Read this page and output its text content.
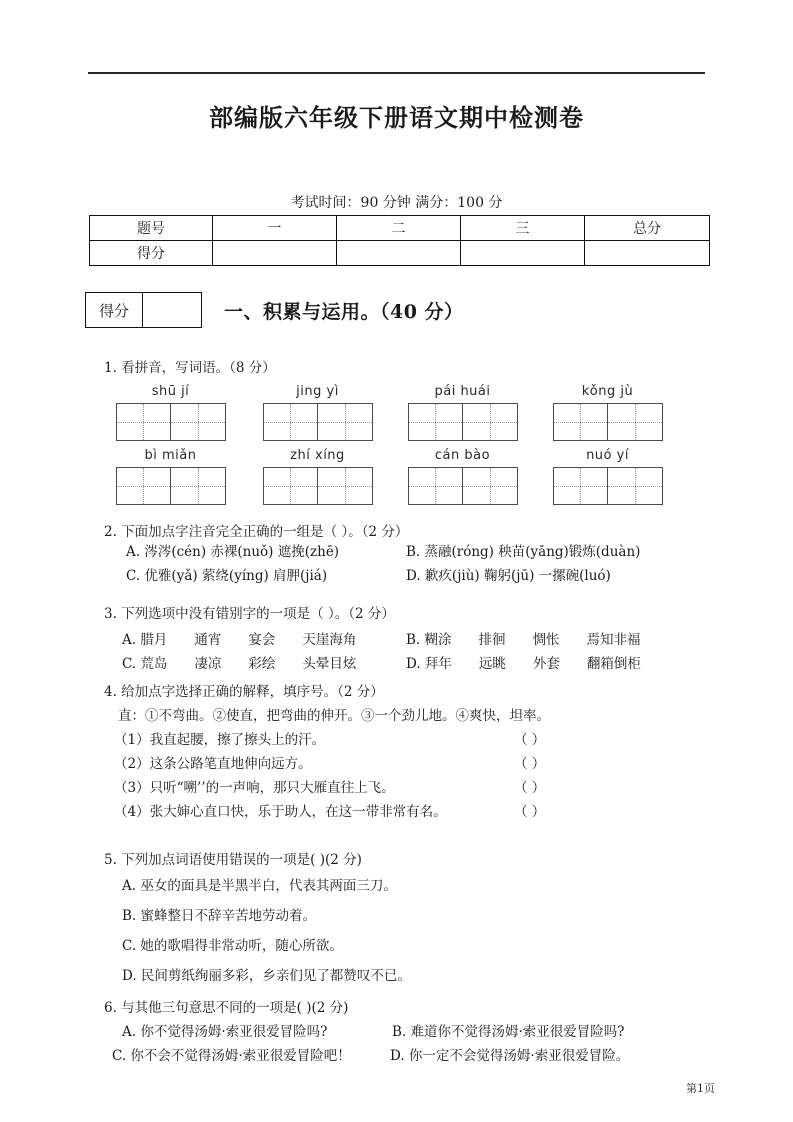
部编版六年级下册语文期中检测卷
考试时间：90 分钟 满分：100 分
题号	一	二	三	总分
得分				
得分	一、积累与运用。（40 分）
1. 看拼音，写词语。（8 分）
shū jí	jing yì	pái huái	kǒng jù
bì miǎn	zhí xíng	cán bào	nuó yí
2. 下面加点字注音完全正确的一组是（ ）。（2 分）
A. 涔涔(cén) 赤裸(nuǒ) 遮挽(zhē)	B. 蒸融(róng) 秧苗(yāng)锻炼(duàn)
C. 优雅(yǎ) 萦绕(yíng) 肩胛(jiá)	D. 歉疚(jiù) 鞠躬(jū) 一摞碗(luó)
3. 下列选项中没有错别字的一项是（ ）。（2 分）
A. 腊月　　通宵　　宴会　　天崖海角	B. 糊涂　　排徊　　惆怅　　焉知非福
C. 荒岛　　凄凉　　彩绘　　头晕目炫	D. 拜年　　远眺　　外套　　翻箱倒柜
4. 给加点字选择正确的解释，填序号。（2 分）
直：①不弯曲。②使直，把弯曲的伸开。③一个劲儿地。④爽快，坦率。
（1）我直起腰，擦了擦头上的汗。	（ ）
（2）这条公路笔直地伸向远方。	（ ）
（3）只听“嗍’’的一声响，那只大雁直往上飞。	（ ）
（4）张大婶心直口快，乐于助人，在这一带非常有名。	（ ）
5. 下列加点词语使用错误的一项是( )(2 分)
A. 巫女的面具是半黑半白，代表其两面三刀。
B. 蜜蜂整日不辞辛苦地劳动着。
C. 她的歌唱得非常动听，随心所欲。
D. 民间剪纸绚丽多彩，乡亲们见了都赞叹不已。
6. 与其他三句意思不同的一项是( )(2 分)
A. 你不觉得汤姆·索亚很爱冒险吗?	B. 难道你不觉得汤姆·索亚很爱冒险吗?
C. 你不会不觉得汤姆·索亚很爱冒险吧！	D. 你一定不会觉得汤姆·索亚很爱冒险。
第1页
